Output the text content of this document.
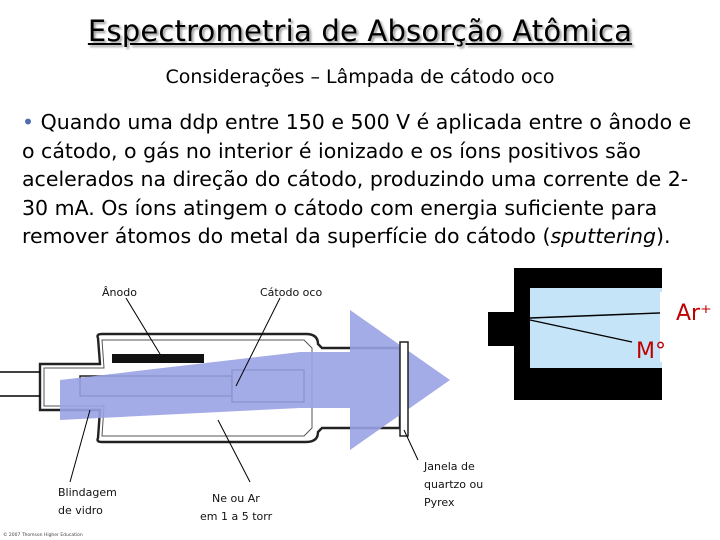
Espectrometria de Absorção Atômica
Considerações – Lâmpada de cátodo oco
• Quando uma ddp entre 150 e 500 V é aplicada entre o ânodo e o cátodo, o gás no interior é ionizado e os íons positivos são acelerados na direção do cátodo, produzindo uma corrente de 2-30 mA. Os íons atingem o cátodo com energia suficiente para remover átomos do metal da superfície do cátodo (sputtering).
Ânodo	Cátodo oco
Blindagem
de vidro
Ne ou Ar
em 1 a 5 torr
Janela de
quartzo ou
Pyrex
© 2007 Thomson Higher Education
Ar⁺
M°
